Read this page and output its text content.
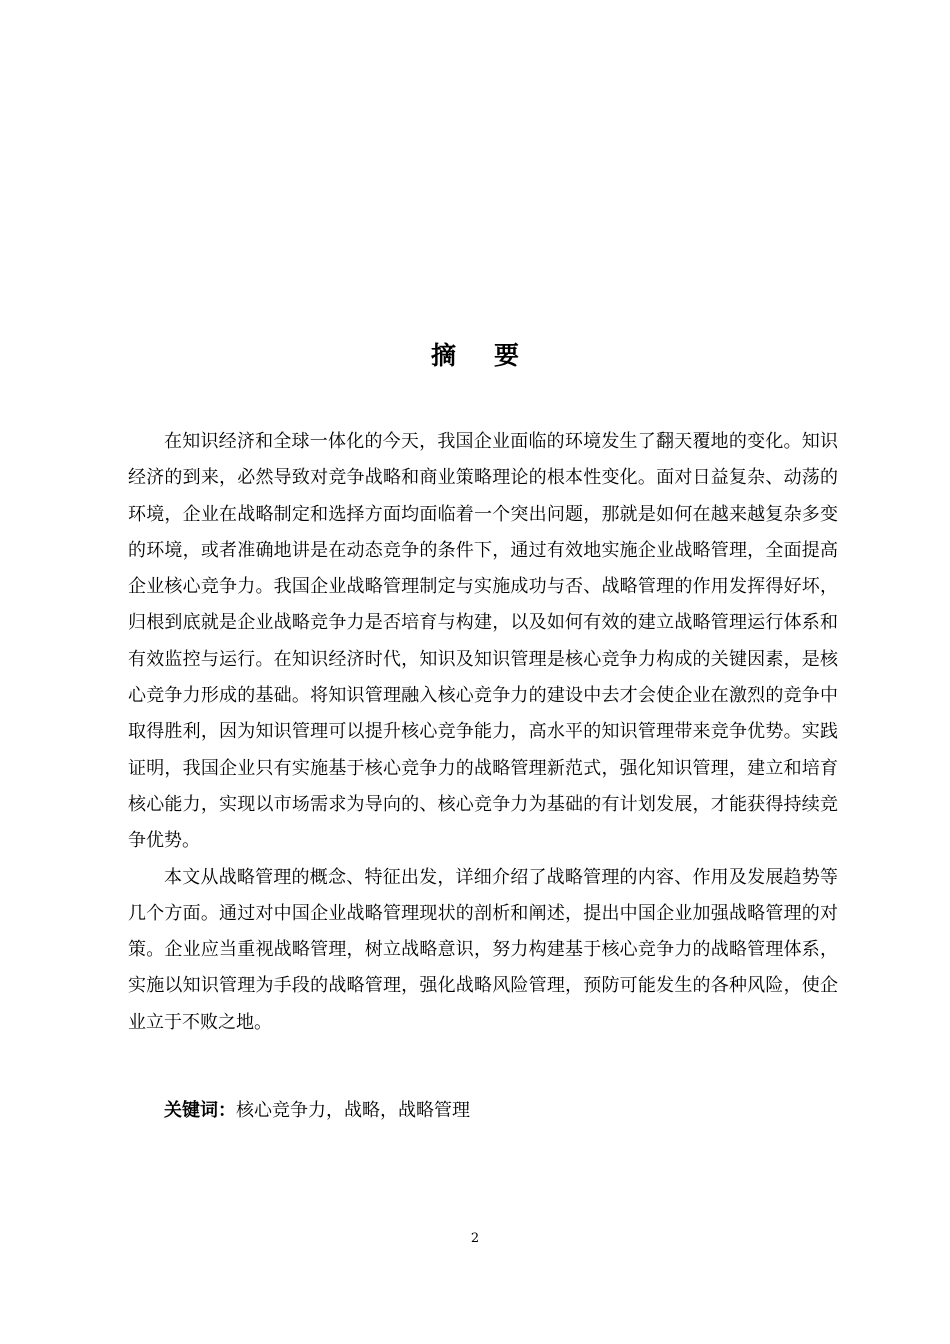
摘要

在知识经济和全球一体化的今天，我国企业面临的环境发生了翻天覆地的变化。知识经济的到来，必然导致对竞争战略和商业策略理论的根本性变化。面对日益复杂、动荡的环境，企业在战略制定和选择方面均面临着一个突出问题，那就是如何在越来越复杂多变的环境，或者准确地讲是在动态竞争的条件下，通过有效地实施企业战略管理，全面提高企业核心竞争力。我国企业战略管理制定与实施成功与否、战略管理的作用发挥得好坏，归根到底就是企业战略竞争力是否培育与构建，以及如何有效的建立战略管理运行体系和有效监控与运行。在知识经济时代，知识及知识管理是核心竞争力构成的关键因素，是核心竞争力形成的基础。将知识管理融入核心竞争力的建设中去才会使企业在激烈的竞争中取得胜利，因为知识管理可以提升核心竞争能力，高水平的知识管理带来竞争优势。实践证明，我国企业只有实施基于核心竞争力的战略管理新范式，强化知识管理，建立和培育核心能力，实现以市场需求为导向的、核心竞争力为基础的有计划发展，才能获得持续竞争优势。

本文从战略管理的概念、特征出发，详细介绍了战略管理的内容、作用及发展趋势等几个方面。通过对中国企业战略管理现状的剖析和阐述，提出中国企业加强战略管理的对策。企业应当重视战略管理，树立战略意识，努力构建基于核心竞争力的战略管理体系，实施以知识管理为手段的战略管理，强化战略风险管理，预防可能发生的各种风险，使企业立于不败之地。

关键词：核心竞争力，战略，战略管理
2
